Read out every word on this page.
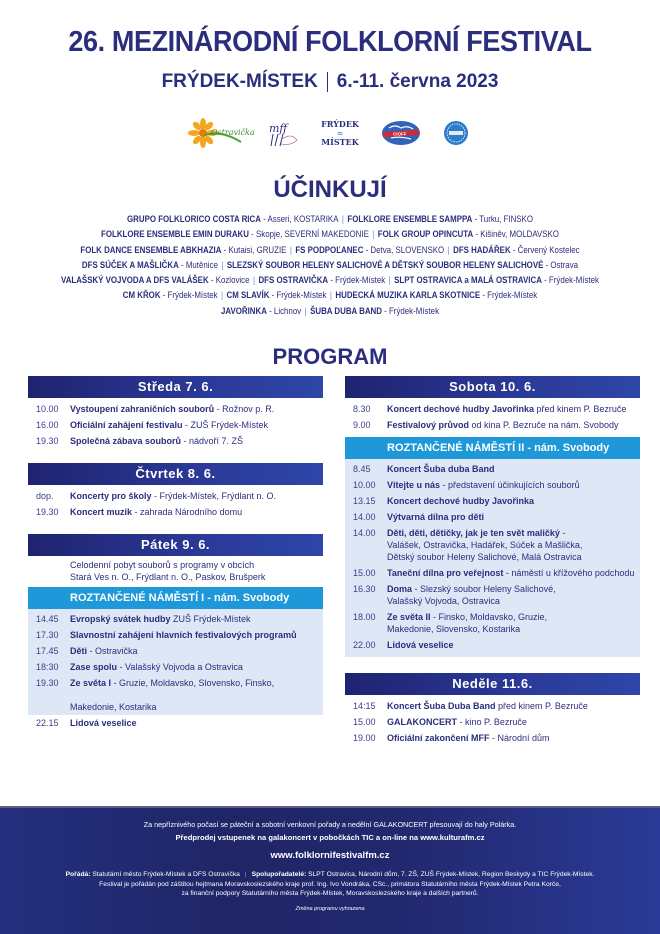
26. MEZINÁRODNÍ FOLKLORNÍ FESTIVAL
FRÝDEK-MÍSTEK 6.-11. června 2023
Ostravička mff	FRÝDEK
≈
MÍSTEK
CIOFF
ÚČINKUJÍ
GRUPO FOLKLORICO COSTA RICA - Asseri, KOSTARIKA | FOLKLORE ENSEMBLE SAMPPA - Turku, FINSKO
FOLKLORE ENSEMBLE EMIN DURAKU - Skopje, SEVERNÍ MAKEDONIE | FOLK GROUP OPINCUTA - Kišiněv, MOLDAVSKO
FOLK DANCE ENSEMBLE ABKHAZIA - Kutaisi, GRUZIE | FS PODPOĽANEC - Detva, SLOVENSKO | DFS HADÁŘEK - Červený Kostelec
DFS SÚČEK A MAŠLIČKA - Mutěnice | SLEZSKÝ SOUBOR HELENY SALICHOVÉ A DĚTSKÝ SOUBOR HELENY SALICHOVÉ - Ostrava
VALAŠSKÝ VOJVODA A DFS VALÁŠEK - Kozlovice | DFS OSTRAVIČKA - Frýdek-Místek | SLPT OSTRAVICA a MALÁ OSTRAVICA - Frýdek-Místek
CM KŘOK - Frýdek-Místek | CM SLAVÍK - Frýdek-Místek | HUDECKÁ MUZIKA KARLA SKOTNICE - Frýdek-Místek
JAVOŘINKA - Lichnov | ŠUBA DUBA BAND - Frýdek-Místek
PROGRAM
Středa 7. 6.
10.00	Vystoupení zahraničních souborů - Rožnov p. R.
16.00	Oficiální zahájení festivalu - ZUŠ Frýdek-Místek
19.30	Společná zábava souborů - nádvoří 7. ZŠ
Čtvrtek 8. 6.
dop.	Koncerty pro školy - Frýdek-Místek, Frýdlant n. O.
19.30	Koncert muzik - zahrada Národního domu
Pátek 9. 6.
Celodenní pobyt souborů s programy v obcích
Stará Ves n. O., Frýdlant n. O., Paskov, Brušperk
ROZTANČENÉ NÁMĚSTÍ I - nám. Svobody
14.45	Evropský svátek hudby ZUŠ Frýdek-Místek
17.30	Slavnostní zahájení hlavních festivalových programů
17.45	Děti - Ostravička
18:30	Zase spolu - Valašský Vojvoda a Ostravica
19.30	Ze světa I - Gruzie, Moldavsko, Slovensko, Finsko,
Makedonie, Kostarika
22.15	Lidová veselice
Sobota 10. 6.
8.30	Koncert dechové hudby Javořinka před kinem P. Bezruče
9.00	Festivalový průvod od kina P. Bezruče na nám. Svobody
ROZTANČENÉ NÁMĚSTÍ II - nám. Svobody
8.45	Koncert Šuba duba Band
10.00	Vítejte u nás - představení účinkujících souborů
13.15	Koncert dechové hudby Javořinka
14.00	Výtvarná dílna pro děti
14.00	Děti, děti, dětičky, jak je ten svět maličký -
Valášek, Ostravička, Hadářek, Súček a Mašlička,
Dětský soubor Heleny Salichové, Malá Ostravica
15.00	Taneční dílna pro veřejnost - náměstí u křížového podchodu
16.30	Doma - Slezský soubor Heleny Salichové,
Valašský Vojvoda, Ostravica
18.00	Ze světa II - Finsko, Moldavsko, Gruzie,
Makedonie, Slovensko, Kostarika
22.00	Lidová veselice
Neděle 11.6.
14:15	Koncert Šuba Duba Band před kinem P. Bezruče
15.00	GALAKONCERT - kino P. Bezruče
19.00	Oficiální zakončení MFF - Národní dům
Za nepříznivého počasí se páteční a sobotní venkovní pořady a nedělní GALAKONCERT přesouvají do haly Polárka.
Předprodej vstupenek na galakoncert v pobočkách TIC a on-line na www.kulturafm.cz
www.folklornifestivalfm.cz
Pořádá: Statutární město Frýdek-Místek a DFS Ostravička | Spolupořadatelé: SLPT Ostravica, Národní dům, 7. ZŠ, ZUŠ Frýdek-Místek, Region Beskydy a TIC Frýdek-Místek.
Festival je pořádán pod záštitou hejtmana Moravskoslezského kraje prof. Ing. Ivo Vondráka, CSc., primátora Statutárního města Frýdek-Místek Petra Korče,
za finanční podpory Statutárního města Frýdek-Místek, Moravskoslezského kraje a dalších partnerů.
Změna programu vyhrazena
